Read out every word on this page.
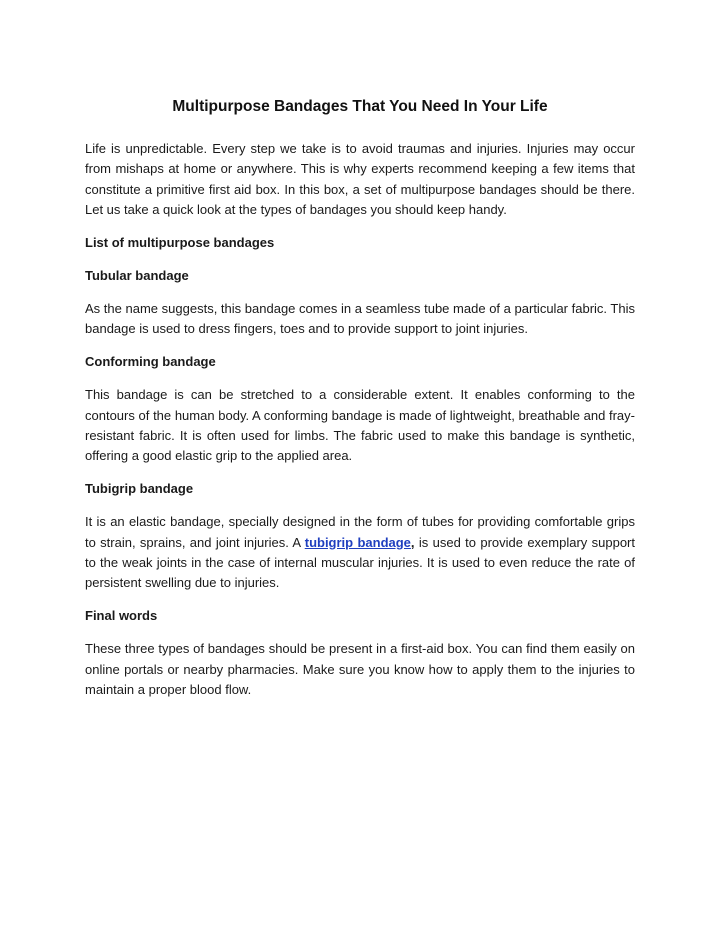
Multipurpose Bandages That You Need In Your Life

Life is unpredictable. Every step we take is to avoid traumas and injuries. Injuries may occur from mishaps at home or anywhere. This is why experts recommend keeping a few items that constitute a primitive first aid box. In this box, a set of multipurpose bandages should be there. Let us take a quick look at the types of bandages you should keep handy.

List of multipurpose bandages

Tubular bandage

As the name suggests, this bandage comes in a seamless tube made of a particular fabric. This bandage is used to dress fingers, toes and to provide support to joint injuries.

Conforming bandage

This bandage is can be stretched to a considerable extent. It enables conforming to the contours of the human body. A conforming bandage is made of lightweight, breathable and fray-resistant fabric. It is often used for limbs. The fabric used to make this bandage is synthetic, offering a good elastic grip to the applied area.

Tubigrip bandage

It is an elastic bandage, specially designed in the form of tubes for providing comfortable grips to strain, sprains, and joint injuries. A tubigrip bandage, is used to provide exemplary support to the weak joints in the case of internal muscular injuries. It is used to even reduce the rate of persistent swelling due to injuries.

Final words

These three types of bandages should be present in a first-aid box. You can find them easily on online portals or nearby pharmacies. Make sure you know how to apply them to the injuries to maintain a proper blood flow.
